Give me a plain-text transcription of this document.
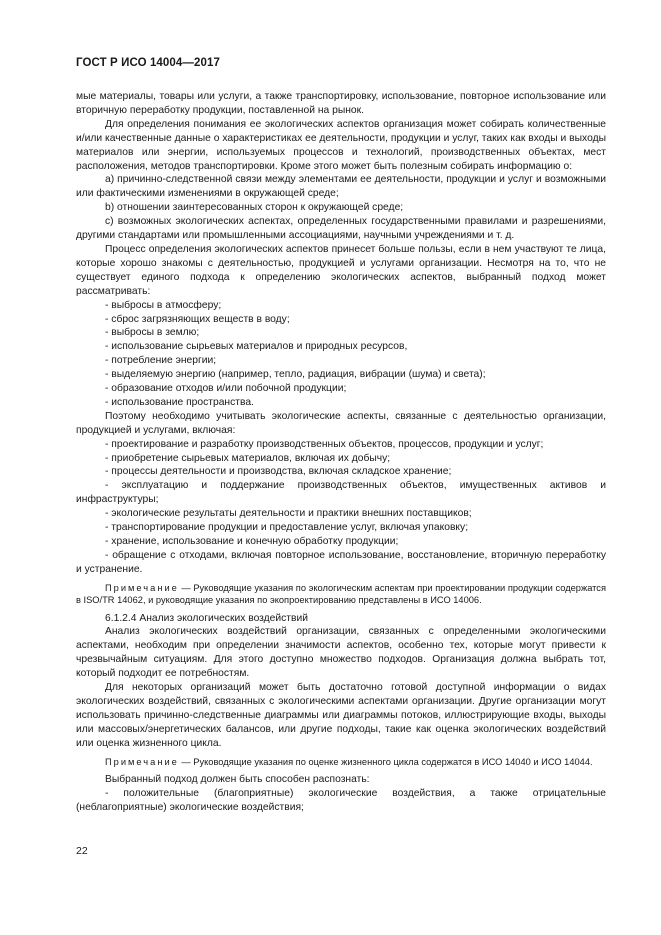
ГОСТ Р ИСО 14004—2017

мые материалы, товары или услуги, а также транспортировку, использование, повторное использование или вторичную переработку продукции, поставленной на рынок.

Для определения понимания ее экологических аспектов организация может собирать количественные и/или качественные данные о характеристиках ее деятельности, продукции и услуг, таких как входы и выходы материалов или энергии, используемых процессов и технологий, производственных объектах, мест расположения, методов транспортировки. Кроме этого может быть полезным собирать информацию о:

a) причинно-следственной связи между элементами ее деятельности, продукции и услуг и возможными или фактическими изменениями в окружающей среде;

b) отношении заинтересованных сторон к окружающей среде;

c) возможных экологических аспектах, определенных государственными правилами и разрешениями, другими стандартами или промышленными ассоциациями, научными учреждениями и т. д.

Процесс определения экологических аспектов принесет больше пользы, если в нем участвуют те лица, которые хорошо знакомы с деятельностью, продукцией и услугами организации. Несмотря на то, что не существует единого подхода к определению экологических аспектов, выбранный подход может рассматривать:

- выбросы в атмосферу;

- сброс загрязняющих веществ в воду;

- выбросы в землю;

- использование сырьевых материалов и природных ресурсов,

- потребление энергии;

- выделяемую энергию (например, тепло, радиация, вибрации (шума) и света);

- образование отходов и/или побочной продукции;

- использование пространства.

Поэтому необходимо учитывать экологические аспекты, связанные с деятельностью организации, продукцией и услугами, включая:

- проектирование и разработку производственных объектов, процессов, продукции и услуг;

- приобретение сырьевых материалов, включая их добычу;

- процессы деятельности и производства, включая складское хранение;

- эксплуатацию и поддержание производственных объектов, имущественных активов и инфраструктуры;

- экологические результаты деятельности и практики внешних поставщиков;

- транспортирование продукции и предоставление услуг, включая упаковку;

- хранение, использование и конечную обработку продукции;

- обращение с отходами, включая повторное использование, восстановление, вторичную переработку и устранение.

Примечание — Руководящие указания по экологическим аспектам при проектировании продукции содержатся в ISO/TR 14062, и руководящие указания по экопроектированию представлены в ИСО 14006.

6.1.2.4 Анализ экологических воздействий

Анализ экологических воздействий организации, связанных с определенными экологическими аспектами, необходим при определении значимости аспектов, особенно тех, которые могут привести к чрезвычайным ситуациям. Для этого доступно множество подходов. Организация должна выбрать тот, который подходит ее потребностям.

Для некоторых организаций может быть достаточно готовой доступной информации о видах экологических воздействий, связанных с экологическими аспектами организации. Другие организации могут использовать причинно-следственные диаграммы или диаграммы потоков, иллюстрирующие входы, выходы или массовых/энергетических балансов, или другие подходы, такие как оценка экологических воздействий или оценка жизненного цикла.

Примечание — Руководящие указания по оценке жизненного цикла содержатся в ИСО 14040 и ИСО 14044.

Выбранный подход должен быть способен распознать:

- положительные (благоприятные) экологические воздействия, а также отрицательные (неблагоприятные) экологические воздействия;

22
